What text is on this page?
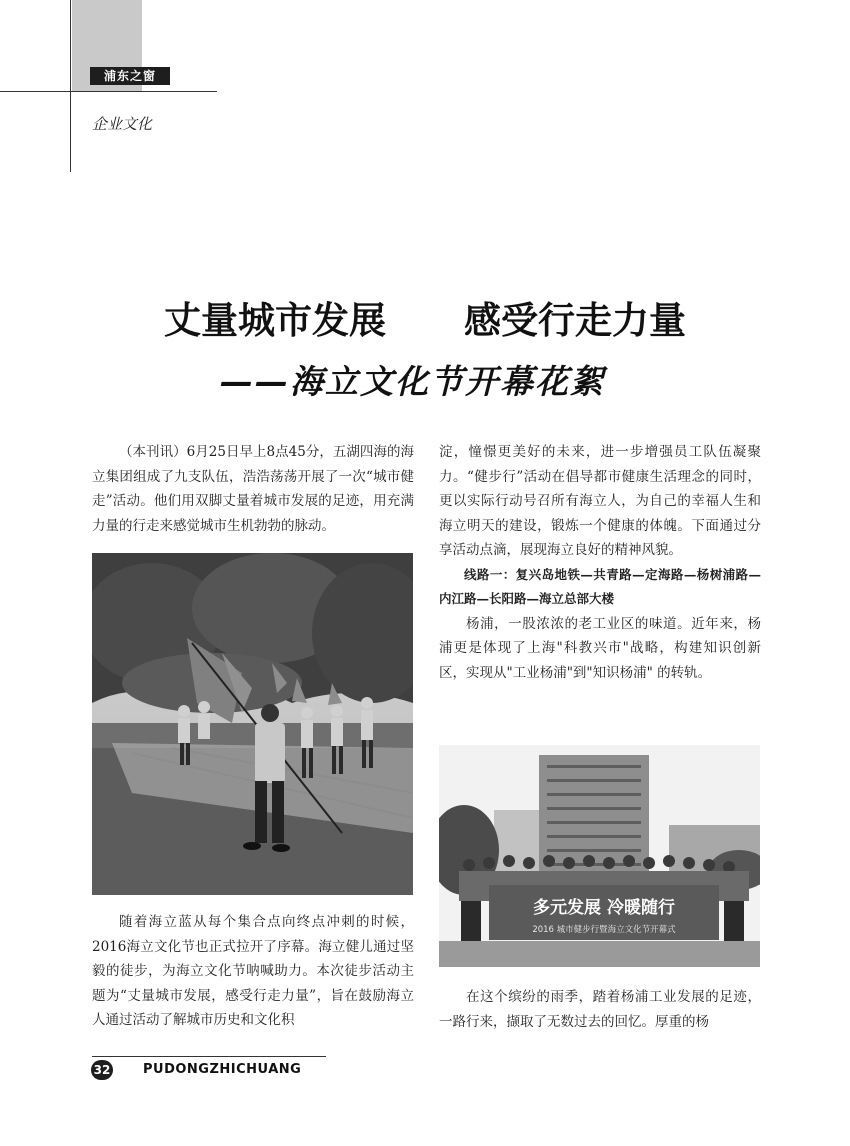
浦东之窗
企业文化
丈量城市发展 感受行走力量
——海立文化节开幕花絮

（本刊讯）6月25日早上8点45分，五湖四海的海立集团组成了九支队伍，浩浩荡荡开展了一次“城市健走”活动。他们用双脚丈量着城市发展的足迹，用充满力量的行走来感觉城市生机勃勃的脉动。

随着海立蓝从每个集合点向终点冲刺的时候，2016海立文化节也正式拉开了序幕。海立健儿通过坚毅的徒步，为海立文化节呐喊助力。本次徒步活动主题为“丈量城市发展，感受行走力量”，旨在鼓励海立人通过活动了解城市历史和文化积

淀，憧憬更美好的未来，进一步增强员工队伍凝聚力。“健步行”活动在倡导都市健康生活理念的同时，更以实际行动号召所有海立人，为自己的幸福人生和海立明天的建设，锻炼一个健康的体魄。下面通过分享活动点滴，展现海立良好的精神风貌。

线路一：复兴岛地铁—共青路—定海路—杨树浦路—内江路—长阳路—海立总部大楼

杨浦，一股浓浓的老工业区的味道。近年来，杨浦更是体现了上海"科教兴市"战略，构建知识创新区，实现从"工业杨浦"到"知识杨浦" 的转轨。

多元发展 冷暖随行
2016 城市健步行暨海立文化节开幕式

在这个缤纷的雨季，踏着杨浦工业发展的足迹，一路行来，撷取了无数过去的回忆。厚重的杨

32	PUDONGZHICHUANG
